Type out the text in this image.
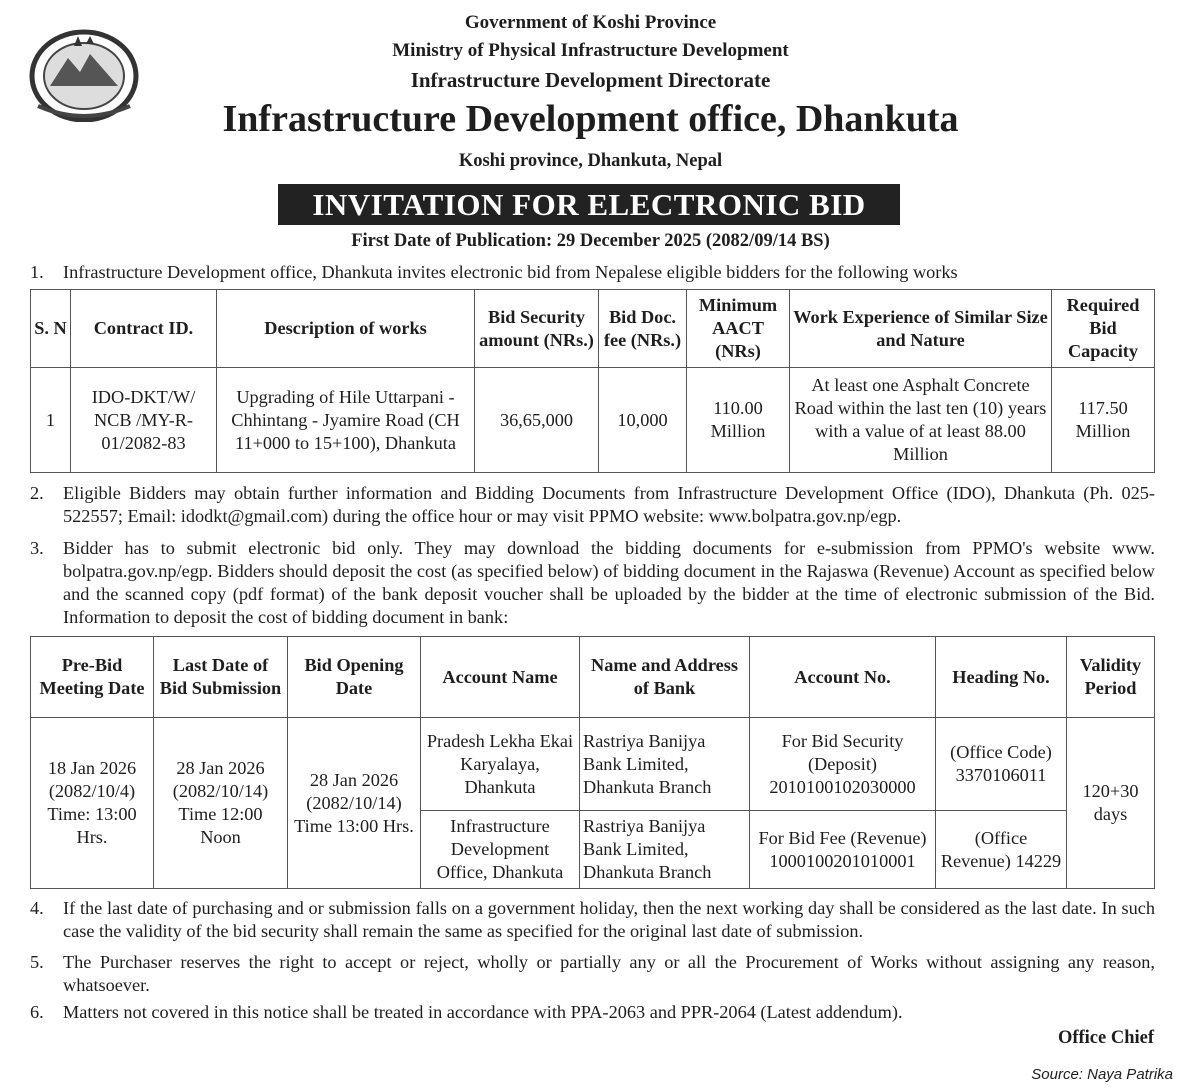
Government of Koshi Province
Ministry of Physical Infrastructure Development
Infrastructure Development Directorate
Infrastructure Development office, Dhankuta
Koshi province, Dhankuta, Nepal
INVITATION FOR ELECTRONIC BID
First Date of Publication: 29 December 2025 (2082/09/14 BS)
1.	Infrastructure Development office, Dhankuta invites electronic bid from Nepalese eligible bidders for the following works
S. N	Contract ID.	Description of works	Bid Security amount (NRs.)	Bid Doc. fee (NRs.)	Minimum AACT (NRs)	Work Experience of Similar Size and Nature	Required Bid Capacity
1	IDO-DKT/W/ NCB /MY-R-01/2082-83	Upgrading of Hile Uttarpani - Chhintang - Jyamire Road (CH 11+000 to 15+100), Dhankuta	36,65,000	10,000	110.00 Million	At least one Asphalt Concrete Road within the last ten (10) years with a value of at least 88.00 Million	117.50 Million
2.	Eligible Bidders may obtain further information and Bidding Documents from Infrastructure Development Office (IDO), Dhankuta (Ph. 025-522557; Email: idodkt@gmail.com) during the office hour or may visit PPMO website: www.bolpatra.gov.np/egp.
3.	Bidder has to submit electronic bid only. They may download the bidding documents for e-submission from PPMO's website www. bolpatra.gov.np/egp. Bidders should deposit the cost (as specified below) of bidding document in the Rajaswa (Revenue) Account as specified below and the scanned copy (pdf format) of the bank deposit voucher shall be uploaded by the bidder at the time of electronic submission of the Bid. Information to deposit the cost of bidding document in bank:
Pre-Bid Meeting Date	Last Date of Bid Submission	Bid Opening Date	Account Name	Name and Address of Bank	Account No.	Heading No.	Validity Period
18 Jan 2026 (2082/10/4) Time: 13:00 Hrs.	28 Jan 2026 (2082/10/14) Time 12:00 Noon	28 Jan 2026 (2082/10/14) Time 13:00 Hrs.	Pradesh Lekha Ekai Karyalaya, Dhankuta	Rastriya Banijya Bank Limited, Dhankuta Branch	For Bid Security (Deposit) 2010100102030000	(Office Code) 3370106011	120+30 days
			Infrastructure Development Office, Dhankuta	Rastriya Banijya Bank Limited, Dhankuta Branch	For Bid Fee (Revenue) 1000100201010001	(Office Revenue) 14229	
4.	If the last date of purchasing and or submission falls on a government holiday, then the next working day shall be considered as the last date. In such case the validity of the bid security shall remain the same as specified for the original last date of submission.
5.	The Purchaser reserves the right to accept or reject, wholly or partially any or all the Procurement of Works without assigning any reason, whatsoever.
6.	Matters not covered in this notice shall be treated in accordance with PPA-2063 and PPR-2064 (Latest addendum).
Office Chief
Source: Naya Patrika
